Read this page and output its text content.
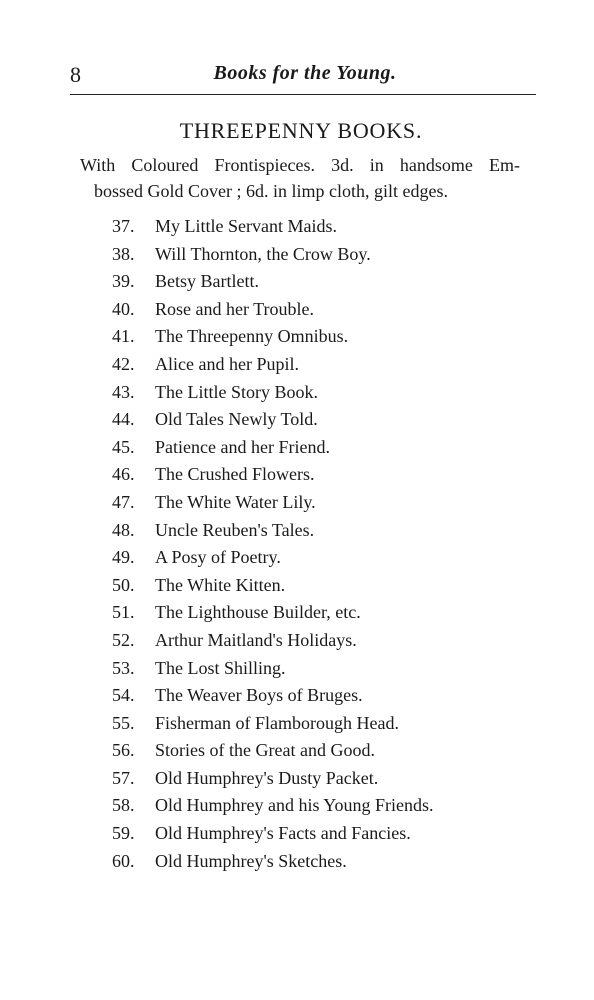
8	Books for the Young.
THREEPENNY BOOKS.
With Coloured Frontispieces. 3d. in handsome Em-
bossed Gold Cover ; 6d. in limp cloth, gilt edges.
37. My Little Servant Maids.
38. Will Thornton, the Crow Boy.
39. Betsy Bartlett.
40. Rose and her Trouble.
41. The Threepenny Omnibus.
42. Alice and her Pupil.
43. The Little Story Book.
44. Old Tales Newly Told.
45. Patience and her Friend.
46. The Crushed Flowers.
47. The White Water Lily.
48. Uncle Reuben's Tales.
49. A Posy of Poetry.
50. The White Kitten.
51. The Lighthouse Builder, etc.
52. Arthur Maitland's Holidays.
53. The Lost Shilling.
54. The Weaver Boys of Bruges.
55. Fisherman of Flamborough Head.
56. Stories of the Great and Good.
57. Old Humphrey's Dusty Packet.
58. Old Humphrey and his Young Friends.
59. Old Humphrey's Facts and Fancies.
60. Old Humphrey's Sketches.
